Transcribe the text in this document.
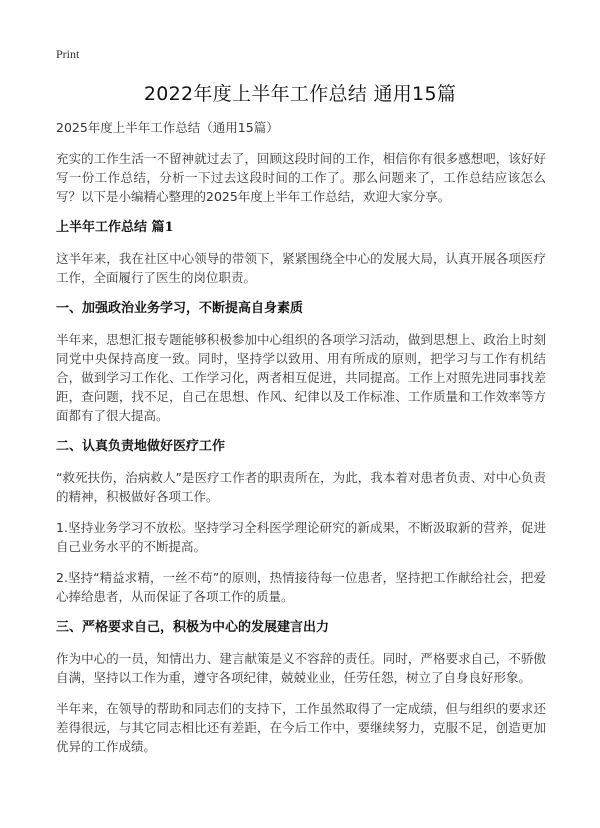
Print
2022年度上半年工作总结 通用15篇

2025年度上半年工作总结（通用15篇）

充实的工作生活一不留神就过去了，回顾这段时间的工作，相信你有很多感想吧，该好好写一份工作总结，分析一下过去这段时间的工作了。那么问题来了，工作总结应该怎么写？以下是小编精心整理的2025年度上半年工作总结，欢迎大家分享。

上半年工作总结 篇1

这半年来，我在社区中心领导的带领下，紧紧围绕全中心的发展大局，认真开展各项医疗工作，全面履行了医生的岗位职责。

一、加强政治业务学习，不断提高自身素质

半年来，思想汇报专题能够积极参加中心组织的各项学习活动，做到思想上、政治上时刻同党中央保持高度一致。同时，坚持学以致用、用有所成的原则，把学习与工作有机结合，做到学习工作化、工作学习化，两者相互促进，共同提高。工作上对照先进同事找差距，查问题，找不足，自己在思想、作风、纪律以及工作标准、工作质量和工作效率等方面都有了很大提高。

二、认真负责地做好医疗工作

“救死扶伤，治病救人”是医疗工作者的职责所在，为此，我本着对患者负责、对中心负责的精神，积极做好各项工作。

1.坚持业务学习不放松。坚持学习全科医学理论研究的新成果，不断汲取新的营养，促进自己业务水平的不断提高。

2.坚持“精益求精，一丝不苟”的原则，热情接待每一位患者，坚持把工作献给社会，把爱心捧给患者，从而保证了各项工作的质量。

三、严格要求自己，积极为中心的发展建言出力

作为中心的一员，知情出力、建言献策是义不容辞的责任。同时，严格要求自己，不骄傲自满，坚持以工作为重，遵守各项纪律，兢兢业业，任劳任怨，树立了自身良好形象。

半年来，在领导的帮助和同志们的支持下，工作虽然取得了一定成绩，但与组织的要求还差得很远，与其它同志相比还有差距，在今后工作中，要继续努力，克服不足，创造更加优异的工作成绩。
